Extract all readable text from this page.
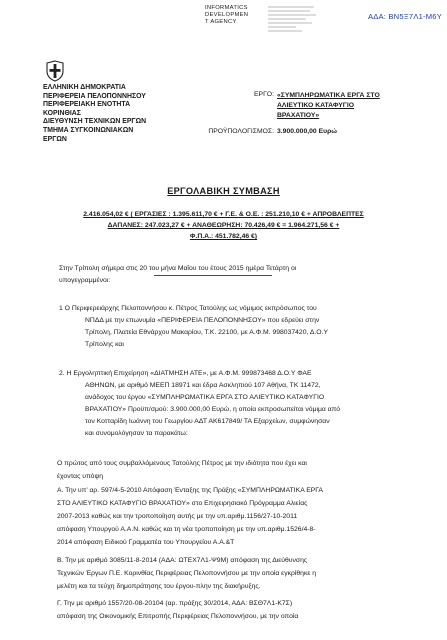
ΑΔΑ: ΒΝ5Ξ7Λ1-Μ6Υ
INFORMATICS
DEVELOPMEN
T AGENCY
ΕΛΛΗΝΙΚΗ ΔΗΜΟΚΡΑΤΙΑ
ΠΕΡΙΦΕΡΕΙΑ ΠΕΛΟΠΟΝΝΗΣΟΥ
ΠΕΡΙΦΕΡΕΙΑΚΗ ΕΝΟΤΗΤΑ
ΚΟΡΙΝΘΙΑΣ
ΔΙΕΥΘΥΝΣΗ ΤΕΧΝΙΚΩΝ ΕΡΓΩΝ
ΤΜΗΜΑ ΣΥΓΚΟΙΝΩΝΙΑΚΩΝ
ΕΡΓΩΝ
ΕΡΓΟ: «ΣΥΜΠΛΗΡΩΜΑΤΙΚΑ ΕΡΓΑ ΣΤΟ
ΑΛΙΕΥΤΙΚΟ ΚΑΤΑΦΥΓΙΟ
ΒΡΑΧΑΤΙΟΥ»
ΠΡΟΫΠΟΛΟΓΙΣΜΟΣ: 3.900.000,00 Ευρώ
ΕΡΓΟΛΑΒΙΚΗ ΣΥΜΒΑΣΗ
2.416.054,02 € ( ΕΡΓΑΣΙΕΣ : 1.395.611,70 € + Γ.Ε. & Ο.Ε. : 251.210,10 € + ΑΠΡΟΒΛΕΠΤΕΣ
ΔΑΠΑΝΕΣ: 247.023,27 € + ΑΝΑΘΕΩΡΗΣΗ: 70.426,49 € = 1.964.271,56 € +
Φ.Π.Α.: 451.782,46 €)
Στην Τρίπολη σήμερα στις 20 του μήνα Μαΐου του έτους 2015 ημέρα Τετάρτη οι
υπογεγραμμένοι:
1 Ο Περιφερειάρχης Πελοποννήσου κ. Πέτρος Τατούλης ως νόμιμος εκπρόσωπος του
ΝΠΔΔ με την επωνυμία «ΠΕΡΙΦΕΡΕΙΑ ΠΕΛΟΠΟΝΝΗΣΟΥ» που εδρεύει στην
Τρίπολη, Πλατεία Εθνάρχου Μακαρίου, Τ.Κ. 22100, με Α.Φ.Μ. 998037420, Δ.Ο.Υ
Τρίπολης και
2. Η Εργοληπτική Επιχείρηση «ΔΙΑΤΜΗΣΗ ΑΤΕ», με Α.Φ.Μ. 999873468 Δ.Ο.Υ ΦΑΕ
ΑΘΗΝΩΝ, με αριθμό ΜΕΕΠ 18971 και έδρα Ασκληπιού 107 Αθήνα, ΤΚ 11472,
ανάδοχος του έργου «ΣΥΜΠΛΗΡΩΜΑΤΙΚΑ ΕΡΓΑ ΣΤΟ ΑΛΙΕΥΤΙΚΟ ΚΑΤΑΦΥΓΙΟ
ΒΡΑΧΑΤΙΟΥ» Προϋπ/σμού: 3.900.000,00 Ευρώ, η οποία εκπροσωπείται νόμιμα από
τον Κοτταρίδη Ιωάννη του Γεωργίου ΑΔΤ ΑΚ617849/ ΤΑ Εξαρχείων, συμφώνησαν
και συνομολόγησαν τα παρακάτω:
Ο πρώτος από τους συμβαλλόμενους Τατούλης Πέτρος με την ιδιότητα που έχει και
έχοντας υπόψη
Α. Την υπ' αρ. 597/4-5-2010 Απόφαση Ένταξης της Πράξης «ΣΥΜΠΛΗΡΩΜΑΤΙΚΑ ΕΡΓΑ
ΣΤΟ ΑΛΙΕΥΤΙΚΟ ΚΑΤΑΦΥΓΙΟ ΒΡΑΧΑΤΙΟΥ» στο Επιχειρησιακό Πρόγραμμα Αλιείας
2007-2013 καθώς και την τροποποίηση αυτής με την υπ.αριθμ.1156/27-10-2011
απόφαση Υπουργού Α.Α.Ν. καθώς και τη νέα τροποποίηση με την υπ.αριθμ.1526/4-8-
2014 απόφαση Ειδικού Γραμματέα του Υπουργείου Α.Α.&Τ
Β. Την με αριθμό 3085/11-8-2014 (ΑΔΑ: ΩΤΕΧ7Λ1-Ψ9Μ) απόφαση της Διεύθυνσης
Τεχνικών Έργων Π.Ε. Κορινθίας Περιφέρειας Πελοποννήσου με την οποία εγκρίθηκε η
μελέτη και τα τεύχη δημοπράτησης του έργου-πλην της διακήρυξης.
Γ. Την με αριθμό 1557/20-08-20104 (αρ. πράξης 30/2014, ΑΔΑ: ΒΣΘ7Λ1-Κ7Σ)
απόφαση της Οικονομικής Επιτροπής Περιφέρειας Πελοποννήσου, με την οποία
